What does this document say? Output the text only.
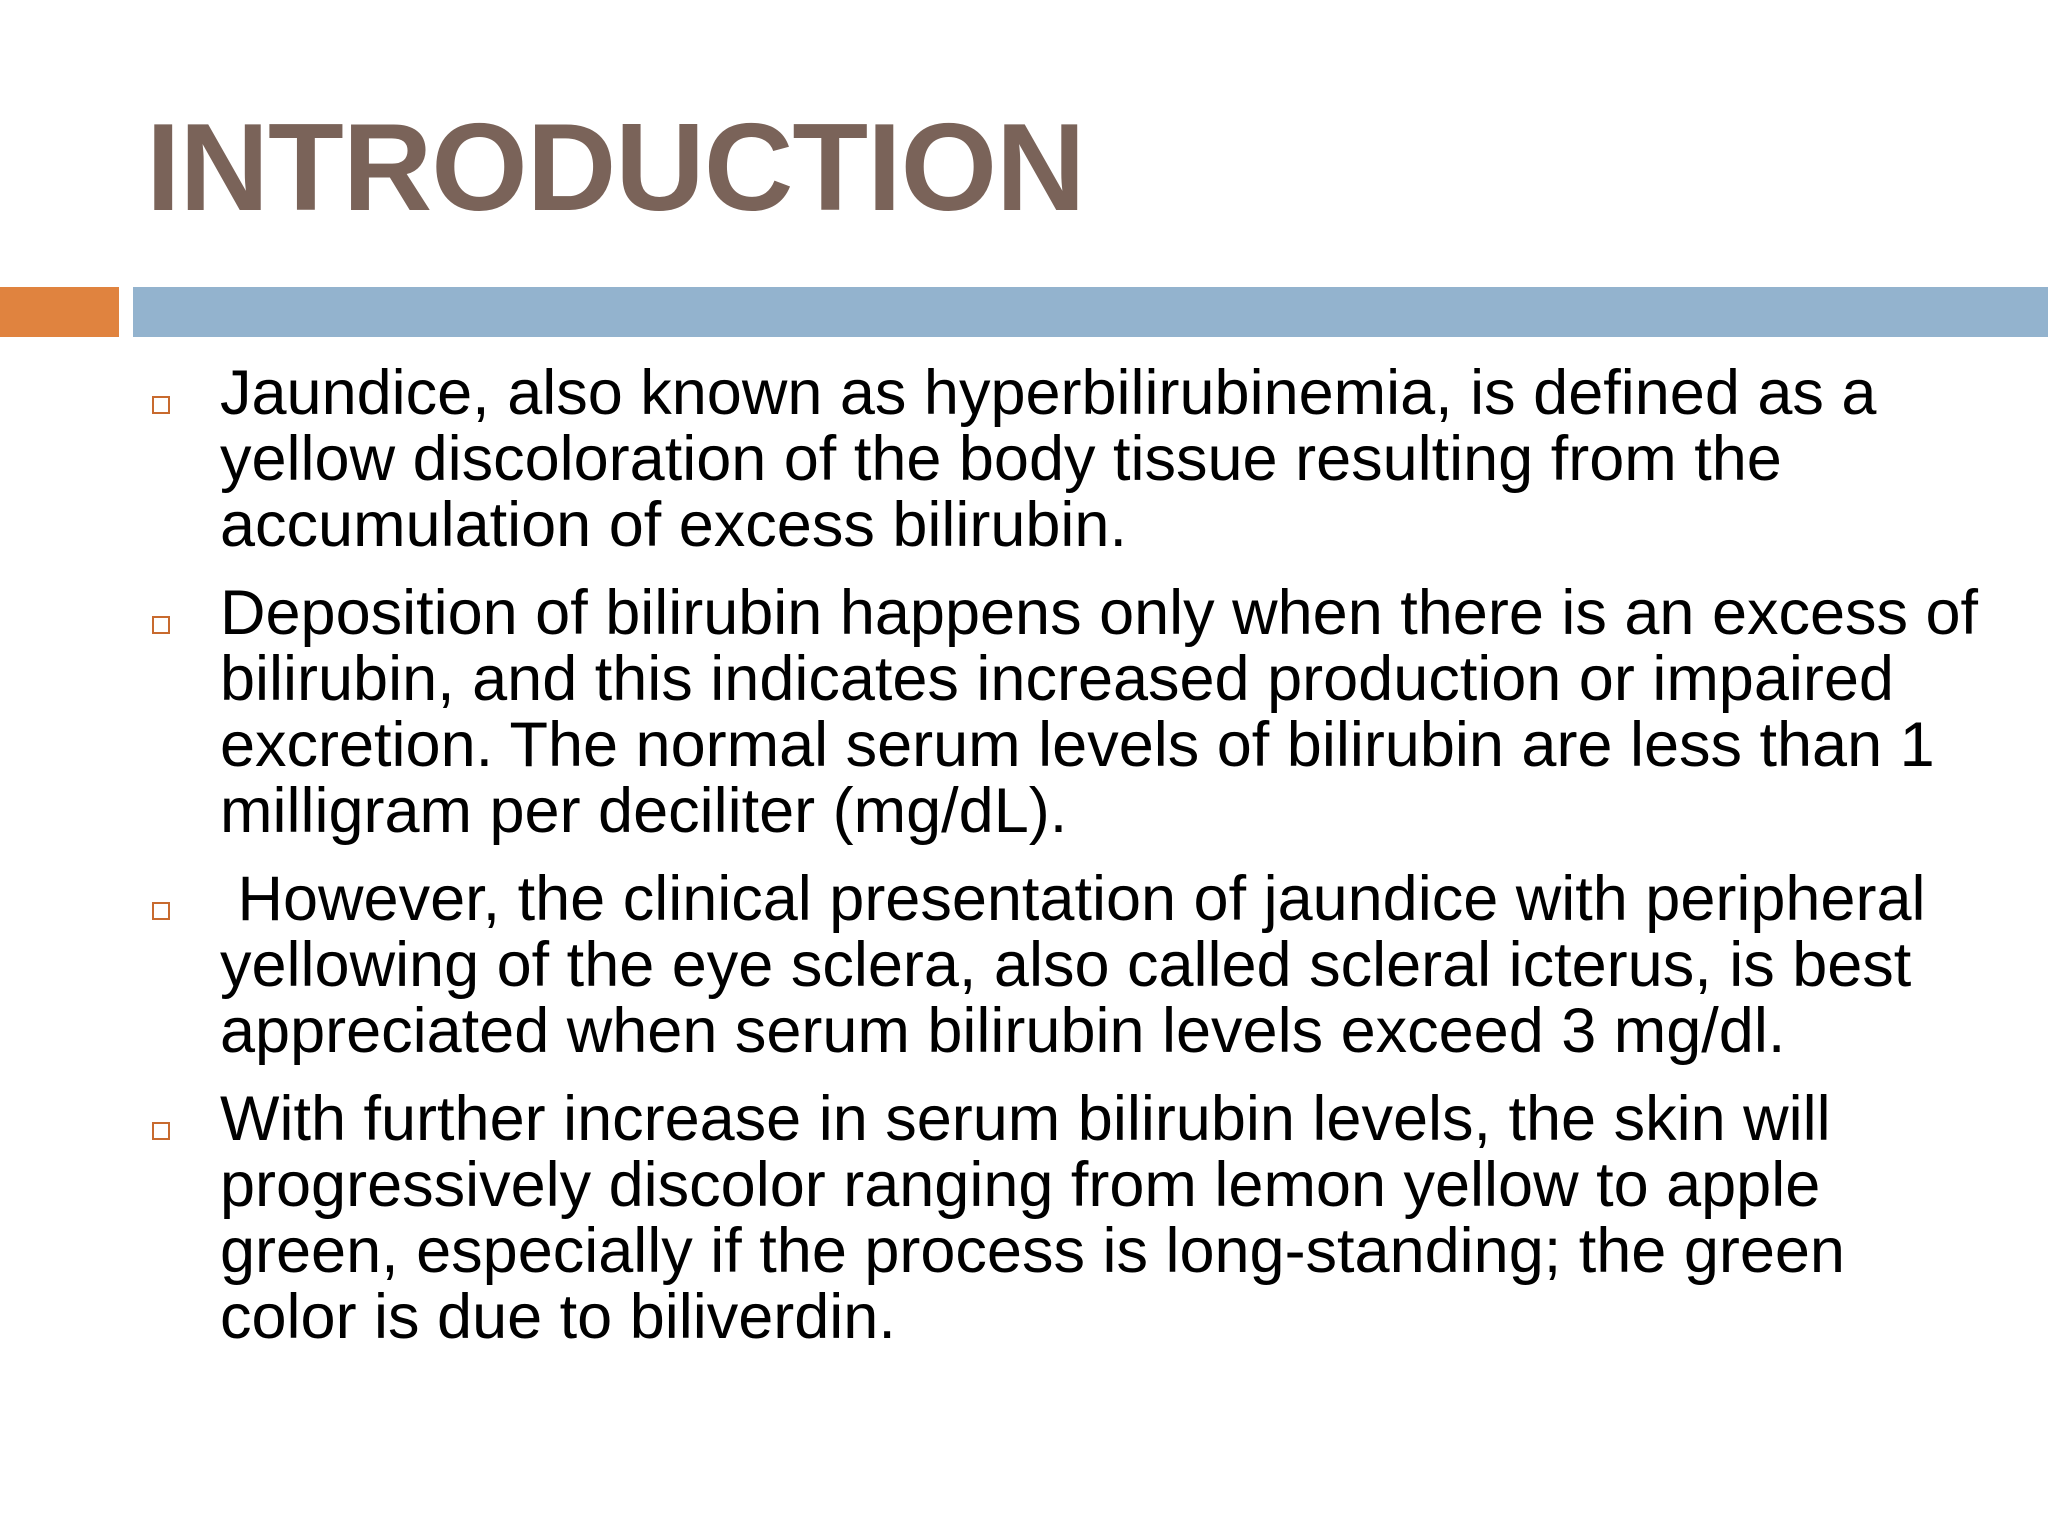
INTRODUCTION
Jaundice, also known as hyperbilirubinemia, is defined as a yellow discoloration of the body tissue resulting from the accumulation of excess bilirubin.
Deposition of bilirubin happens only when there is an excess of bilirubin, and this indicates increased production or impaired excretion. The normal serum levels of bilirubin are less than 1 milligram per deciliter (mg/dL).
However, the clinical presentation of jaundice with peripheral yellowing of the eye sclera, also called scleral icterus, is best appreciated when serum bilirubin levels exceed 3 mg/dl.
With further increase in serum bilirubin levels, the skin will progressively discolor ranging from lemon yellow to apple green, especially if the process is long-standing; the green color is due to biliverdin.
